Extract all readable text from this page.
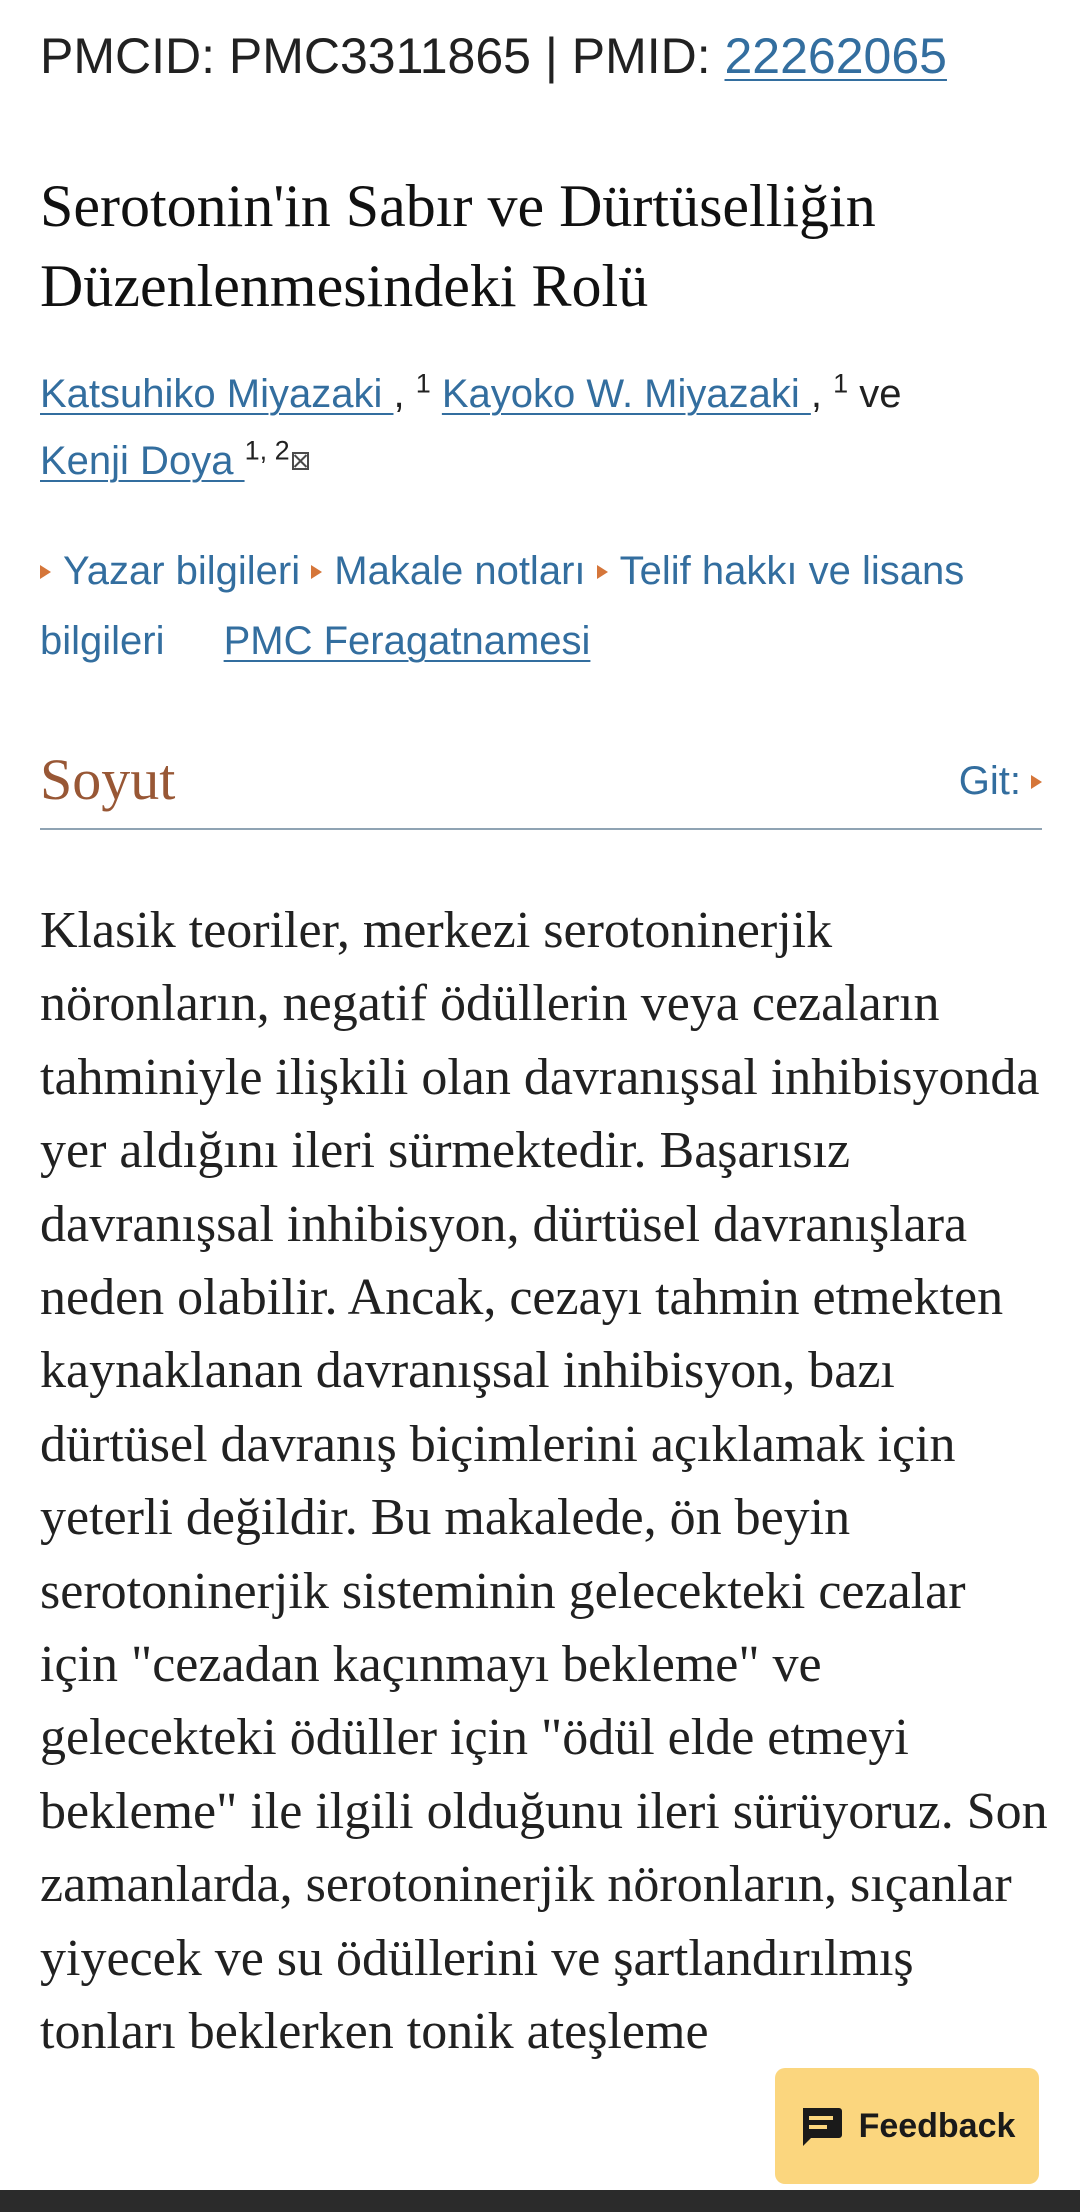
PMCID: PMC3311865 | PMID: 22262065
Serotonin'in Sabır ve Dürtüselliğin Düzenlenmesindeki Rolü
Katsuhiko Miyazaki , $^1$ Kayoko W. Miyazaki , $^1$ ve
Kenji Doya $^{1, 2}$
Yazar bilgileri Makale notları Telif hakkı ve lisans bilgileri PMC Feragatnamesi
Soyut	Git:

Klasik teoriler, merkezi serotoninerjik nöronların, negatif ödüllerin veya cezaların tahminiyle ilişkili olan davranışsal inhibisyonda yer aldığını ileri sürmektedir. Başarısız davranışsal inhibisyon, dürtüsel davranışlara neden olabilir. Ancak, cezayı tahmin etmekten kaynaklanan davranışsal inhibisyon, bazı dürtüsel davranış biçimlerini açıklamak için yeterli değildir. Bu makalede, ön beyin serotoninerjik sisteminin gelecekteki cezalar için "cezadan kaçınmayı bekleme" ve gelecekteki ödüller için "ödül elde etmeyi bekleme" ile ilgili olduğunu ileri sürüyoruz. Son zamanlarda, serotoninerjik nöronların, sıçanlar yiyecek ve su ödüllerini ve şartlandırılmış tonları beklerken tonik ateşleme

Feedback
